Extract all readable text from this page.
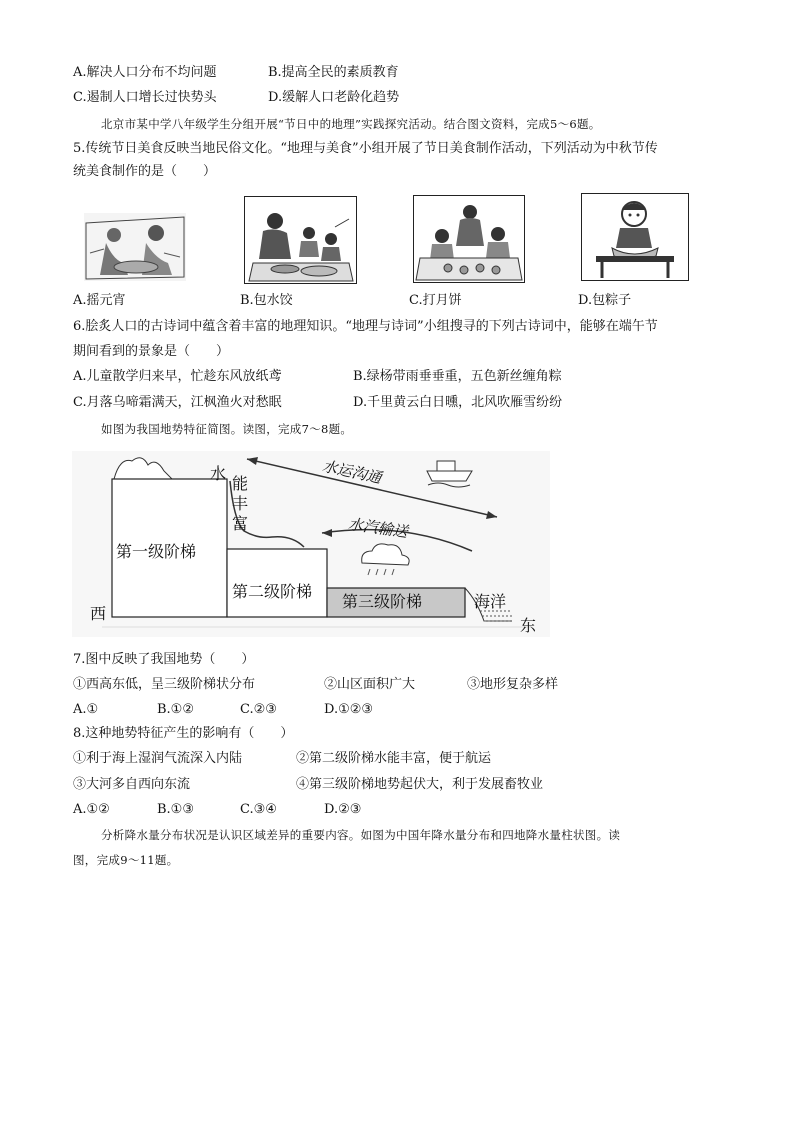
A.解决人口分布不均问题	B.提高全民的素质教育
C.遏制人口增长过快势头	D.缓解人口老龄化趋势
北京市某中学八年级学生分组开展“节日中的地理”实践探究活动。结合图文资料，完成5～6题。
5.传统节日美食反映当地民俗文化。“地理与美食”小组开展了节日美食制作活动，下列活动为中秋节传
统美食制作的是（　　）
A.摇元宵	B.包水饺	C.打月饼	D.包粽子
6.脍炙人口的古诗词中蕴含着丰富的地理知识。“地理与诗词”小组搜寻的下列古诗词中，能够在端午节
期间看到的景象是（　　）
A.儿童散学归来早，忙趁东风放纸鸢	B.绿杨带雨垂垂重，五色新丝缠角粽
C.月落乌啼霜满天，江枫渔火对愁眠	D.千里黄云白日曛，北风吹雁雪纷纷
如图为我国地势特征简图。读图，完成7～8题。
第一级阶梯
第二级阶梯
第三级阶梯
水
能
丰
富
水运沟通
水汽输送
海洋
西
东
7.图中反映了我国地势（　　）
①西高东低，呈三级阶梯状分布	②山区面积广大	③地形复杂多样
A.①	B.①②	C.②③	D.①②③
8.这种地势特征产生的影响有（　　）
①利于海上湿润气流深入内陆	②第二级阶梯水能丰富，便于航运
③大河多自西向东流	④第三级阶梯地势起伏大，利于发展畜牧业
A.①②	B.①③	C.③④	D.②③
分析降水量分布状况是认识区域差异的重要内容。如图为中国年降水量分布和四地降水量柱状图。读
图，完成9～11题。
